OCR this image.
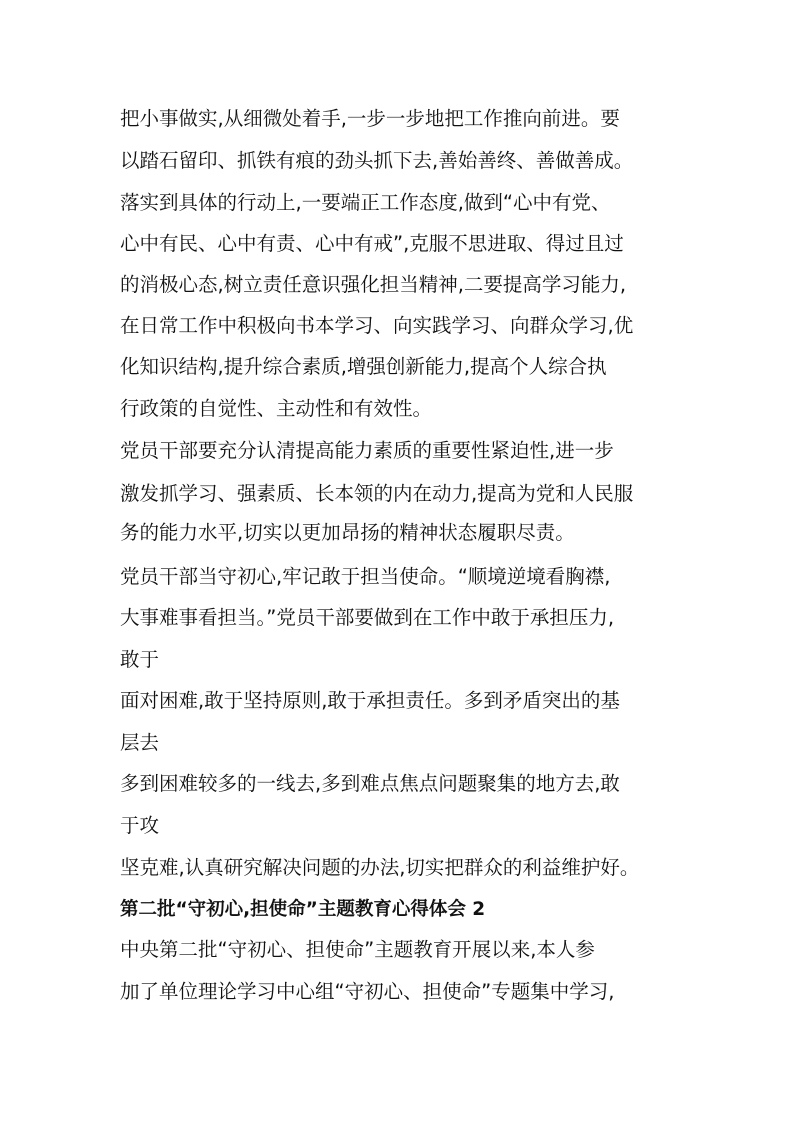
把小事做实,从细微处着手,一步一步地把工作推向前进。要
以踏石留印、抓铁有痕的劲头抓下去,善始善终、善做善成。
落实到具体的行动上,一要端正工作态度,做到“心中有党、
心中有民、心中有责、心中有戒”,克服不思进取、得过且过
的消极心态,树立责任意识强化担当精神,二要提高学习能力,
在日常工作中积极向书本学习、向实践学习、向群众学习,优
化知识结构,提升综合素质,增强创新能力,提高个人综合执
行政策的自觉性、主动性和有效性。
党员干部要充分认清提高能力素质的重要性紧迫性,进一步
激发抓学习、强素质、长本领的内在动力,提高为党和人民服
务的能力水平,切实以更加昂扬的精神状态履职尽责。
党员干部当守初心,牢记敢于担当使命。“顺境逆境看胸襟,
大事难事看担当。”党员干部要做到在工作中敢于承担压力,
敢于
面对困难,敢于坚持原则,敢于承担责任。多到矛盾突出的基
层去
多到困难较多的一线去,多到难点焦点问题聚集的地方去,敢
于攻
坚克难,认真研究解决问题的办法,切实把群众的利益维护好。
第二批“守初心,担使命”主题教育心得体会 2
中央第二批“守初心、担使命”主题教育开展以来,本人参
加了单位理论学习中心组“守初心、担使命”专题集中学习,
